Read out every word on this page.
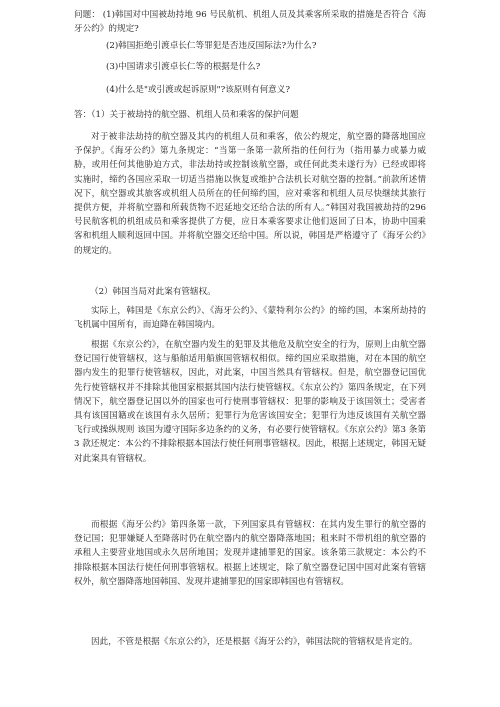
问题： (1)韩国对中国被劫持地 96 号民航机、机组人员及其乘客所采取的措施是否符合《海牙公约》的规定?

(2)韩国拒绝引渡卓长仁等罪犯是否违反国际法?为什么?

(3)中国请求引渡卓长仁等的根据是什么?

(4)什么是"或引渡或起诉原则"?该原则有何意义?

答：（1）关于被劫持的航空器、机组人员和乘客的保护问题

对于被非法劫持的航空器及其内的机组人员和乘客，依公约规定，航空器的降落地国应予保护。《海牙公约》第九条规定：“当第一条第一款所指的任何行为（指用暴力或暴力威胁，或用任何其他胁迫方式，非法劫持或控制该航空器，或任何此类未遂行为）已经或即将实施时，缔约各国应采取一切适当措施以恢复或维护合法机长对航空器的控制。”前款所述情况下，航空器或其旅客或机组人员所在的任何缔约国，应对乘客和机组人员尽快继续其旅行提供方便，并将航空器和所载货物不迟延地交还给合法的所有人。”韩国对我国被劫持的296 号民航客机的机组成员和乘客提供了方便，应日本乘客要求让他们返回了日本，协助中国乘客和机组人顺利返回中国。并将航空器交还给中国。所以说，韩国是严格遵守了《海牙公约》的规定的。

（2）韩国当局对此案有管辖权。

实际上，韩国是《东京公约》、《海牙公约》、《蒙特利尔公约》的缔约国，本案所劫持的飞机属中国所有，而迫降在韩国境内。

根据《东京公约》，在航空器内发生的犯罪及其他危及航空安全的行为，原则上由航空器登记国行使管辖权，这与船舶适用船旗国管辖权相似。缔约国应采取措施，对在本国的航空器内发生的犯罪行使管辖权，因此，对此案，中国当然具有管辖权。但是，航空器登记国优先行使管辖权并不排除其他国家根据其国内法行使管辖权。《东京公约》第四条规定，在下列情况下，航空器登记国以外的国家也可行使刑事管辖权：犯罪的影响及于该国领土；受害者具有该国国籍或在该国有永久居所；犯罪行为危害该国安全；犯罪行为违反该国有关航空器飞行或操纵规则 该国为遵守国际多边条约的义务，有必要行使管辖权。《东京公约》第3 条第3 款还规定：本公约不排除根据本国法行使任何刑事管辖权。因此，根据上述规定，韩国无疑对此案具有管辖权。

而根据《海牙公约》第四条第一款，下列国家具有管辖权：在其内发生罪行的航空器的登记国；犯罪嫌疑人至降落时仍在航空器内的航空器降落地国；租来时不带机组的航空器的承租人主要营业地国或永久居所地国；发现并逮捕罪犯的国家。该条第三款规定：本公约不排除根据本国法行使任何刑事管辖权。根据上述规定，除了航空器登记国中国对此案有管辖权外，航空器降落地国韩国、发现并逮捕罪犯的国家即韩国也有管辖权。

因此，不管是根据《东京公约》，还是根据《海牙公约》，韩国法院的管辖权是肯定的。
